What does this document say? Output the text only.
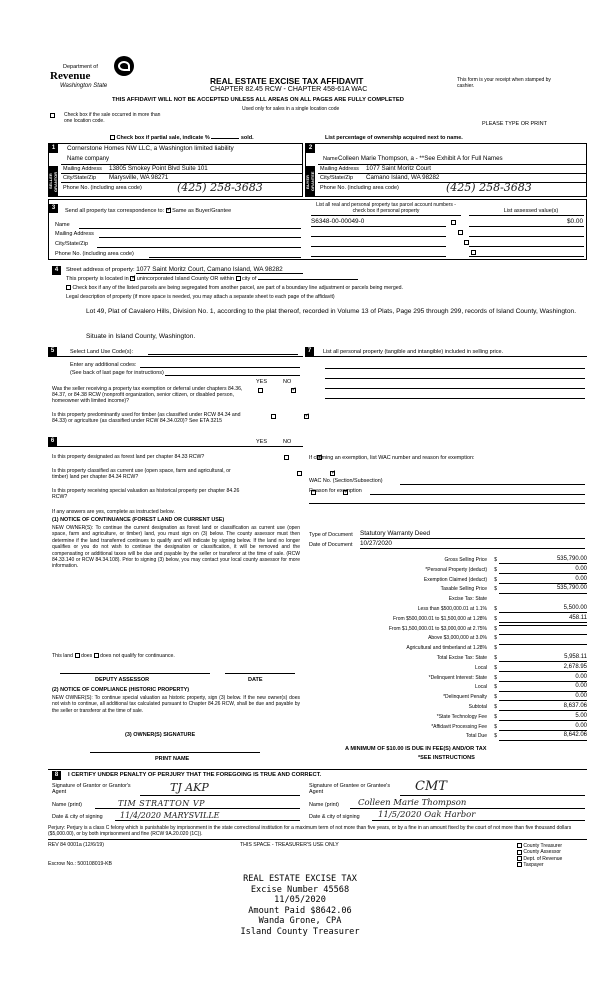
Department of
Revenue
Washington State	REAL ESTATE EXCISE TAX AFFIDAVIT
CHAPTER 82.45 RCW - CHAPTER 458-61A WAC
This form is your receipt when stamped by cashier.
THIS AFFIDAVIT WILL NOT BE ACCEPTED UNLESS ALL AREAS ON ALL PAGES ARE FULLY COMPLETED
Used only for sales in a single location code
Check box if the sale occurred in more than one location code.	PLEASE TYPE OR PRINT
Check box if partial sale, indicate %	sold.	List percentage of ownership acquired next to name.
1
SELLER GRANTOR
Cornerstone Homes NW LLC, a Washington limited liability
Name company
Mailing Address 13805 Smokey Point Blvd Suite 101
City/State/Zip Marysville, WA 98271
Phone No. (including area code)	(425) 258-3683
2
BUYER GRANTEE
Name Colleen Marie Thompson, a - **See Exhibit A for Full Names
Mailing Address 1077 Saint Moritz Court
City/State/Zip Camano Island, WA 98282
Phone No. (including area code)	(425) 258-3683
3	Send all property tax correspondence to: ✓ Same as Buyer/Grantee
Name
Mailing Address
City/State/Zip
Phone No. (including area code)
List all real and personal property tax parcel account numbers - check box if personal property	List assessed value(s)
S6348-00-00049-0	$0.00

4	Street address of property: 1077 Saint Moritz Court, Camano Island, WA 98282
This property is located in ✓ unincorporated Island County OR within city of
Check box if any of the listed parcels are being segregated from another parcel, are part of a boundary line adjustment or parcels being merged.
Legal description of property (if more space is needed, you may attach a separate sheet to each page of the affidavit)
Lot 49, Plat of Cavalero Hills, Division No. 1, according to the plat thereof, recorded in Volume 13 of Plats, Page 295 through 299, records of Island County, Washington.
Situate in Island County, Washington.
5	Select Land Use Code(s):
Enter any additional codes:
(See back of last page for instructions)
YES	NO
Was the seller receiving a property tax exemption or deferral under chapters 84.36, 84.37, or 84.38 RCW (nonprofit organization, senior citizen, or disabled person, homeowner with limited income)?
✓
Is this property predominantly used for timber (as classified under RCW 84.34 and 84.33) or agriculture (as classified under RCW 84.34.020)? See ETA 3215
✓
6	YES	NO
Is this property designated as forest land per chapter 84.33 RCW?
✓
Is this property classified as current use (open space, farm and agricultural, or timber) land per chapter 84.34 RCW?
✓
Is this property receiving special valuation as historical property per chapter 84.26 RCW?
✓
If any answers are yes, complete as instructed below.
(1) NOTICE OF CONTINUANCE (FOREST LAND OR CURRENT USE)
NEW OWNER(S): To continue the current designation as forest land or classification as current use (open space, farm and agriculture, or timber) land, you must sign on (3) below. The county assessor must then determine if the land transferred continues to qualify and will indicate by signing below. If the land no longer qualifies or you do not wish to continue the designation or classification, it will be removed and the compensating or additional taxes will be due and payable by the seller or transferor at the time of sale. (RCW 84.33.140 or RCW 84.34.108). Prior to signing (3) below, you may contact your local county assessor for more information.
This land does does not qualify for continuance.
DEPUTY ASSESSOR	DATE
(2) NOTICE OF COMPLIANCE (HISTORIC PROPERTY)
NEW OWNER(S): To continue special valuation as historic property, sign (3) below. If the new owner(s) does not wish to continue, all additional tax calculated pursuant to Chapter 84.26 RCW, shall be due and payable by the seller or transferor at the time of sale.
(3) OWNER(S) SIGNATURE
PRINT NAME
7	List all personal property (tangible and intangible) included in selling price.
If claiming an exemption, list WAC number and reason for exemption:
WAC No. (Section/Subsection)
Reason for exemption
Type of Document Statutory Warranty Deed
Date of Document 10/27/2020
Gross Selling Price $	535,790.00
*Personal Property (deduct) $	0.00
Exemption Claimed (deduct) $	0.00
Taxable Selling Price $	535,790.00
Excise Tax: State
Less than $500,000.01 at 1.1% $	5,500.00
From $500,000.01 to $1,500,000 at 1.28% $	458.11
From $1,500,000.01 to $3,000,000 at 2.75% $
Above $3,000,000 at 3.0% $
Agricultural and timberland at 1.28% $
Total Excise Tax: State $	5,958.11
Local $	2,678.95
*Delinquent Interest: State $	0.00
Local $	0.00
*Delinquent Penalty $	0.00
Subtotal $	8,637.06
*State Technology Fee $	5.00
*Affidavit Processing Fee $	0.00
Total Due $	8,642.06
A MINIMUM OF $10.00 IS DUE IN FEE(S) AND/OR TAX
*SEE INSTRUCTIONS
8	I CERTIFY UNDER PENALTY OF PERJURY THAT THE FOREGOING IS TRUE AND CORRECT.
Signature of Grantor or Grantor's Agent	TJ AKP
Name (print)	TIM STRATTON VP
Date & city of signing 11/4/2020 MARYSVILLE
Signature of Grantee or Grantee's Agent	CMT
Name (print) Colleen Marie Thompson
Date & city of signing 11/5/2020 Oak Harbor
Perjury: Perjury is a class C felony which is punishable by imprisonment in the state correctional institution for a maximum term of not more than five years, or by a fine in an amount fixed by the court of not more than five thousand dollars ($5,000.00), or by both imprisonment and fine (RCW 9A.20.020 (1C)).
REV 84 0001a (12/6/19)	THIS SPACE - TREASURER'S USE ONLY
Escrow No.: 500108019-KB
County Treasurer
County Assessor
Dept. of Revenue
Taxpayer
REAL ESTATE EXCISE TAX
Excise Number 45568
11/05/2020
Amount Paid $8642.06
Wanda Grone, CPA
Island County Treasurer
